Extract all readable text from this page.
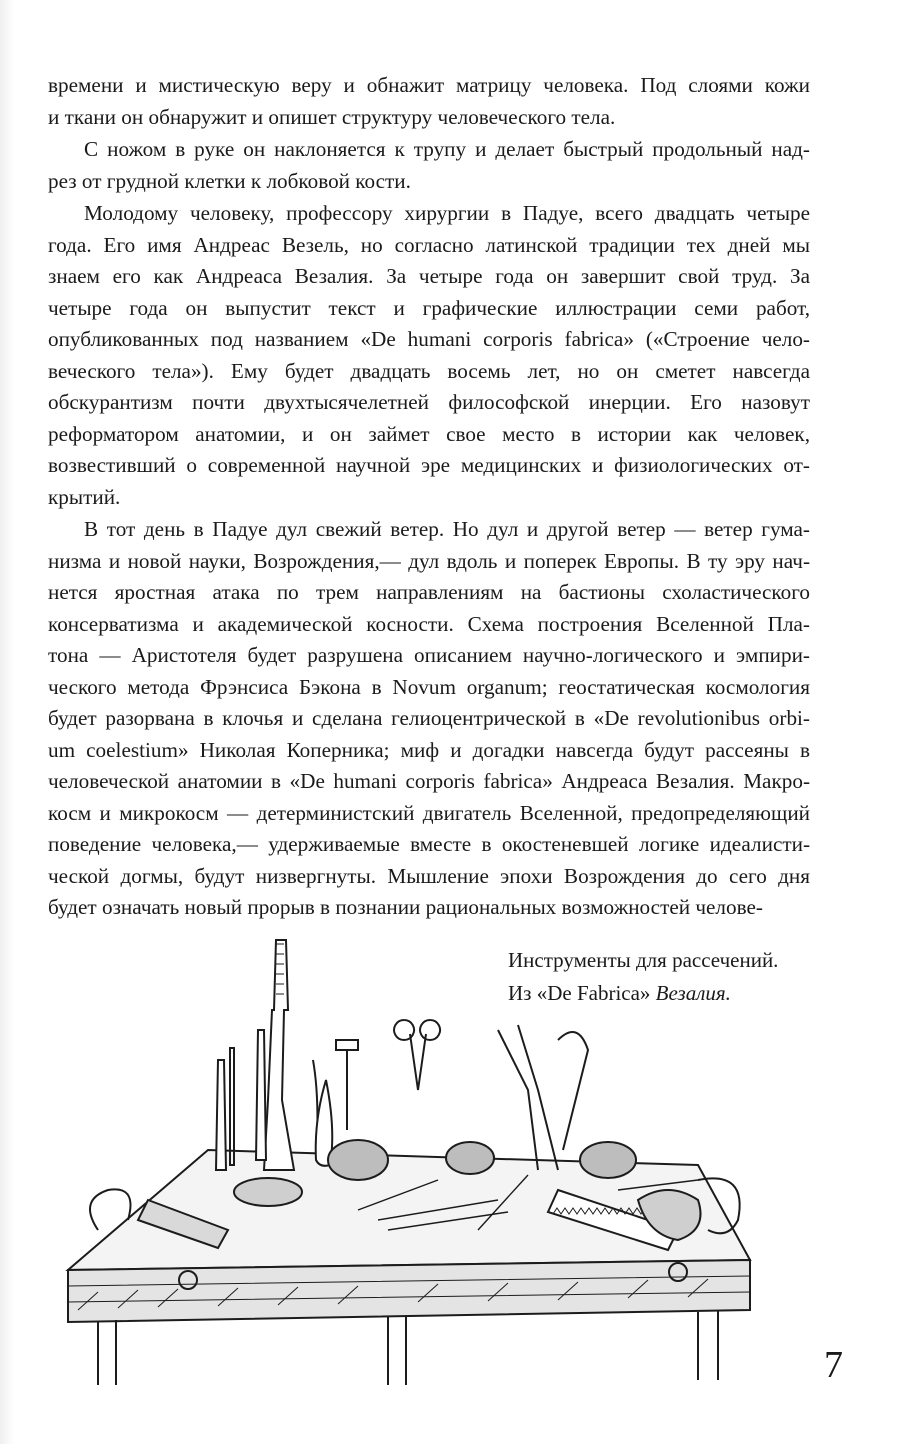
времени и мистическую веру и обнажит матрицу человека. Под слоями кожи
и ткани он обнаружит и опишет структуру человеческого тела.

С ножом в руке он наклоняется к трупу и делает быстрый продольный над-
рез от грудной клетки к лобковой кости.

Молодому человеку, профессору хирургии в Падуе, всего двадцать четыре
года. Его имя Андреас Везель, но согласно латинской традиции тех дней мы
знаем его как Андреаса Везалия. За четыре года он завершит свой труд. За
четыре года он выпустит текст и графические иллюстрации семи работ,
опубликованных под названием «De humani corporis fabrica» («Строение чело-
веческого тела»). Ему будет двадцать восемь лет, но он сметет навсегда
обскурантизм почти двухтысячелетней философской инерции. Его назовут
реформатором анатомии, и он займет свое место в истории как человек,
возвестивший о современной научной эре медицинских и физиологических от-
крытий.

В тот день в Падуе дул свежий ветер. Но дул и другой ветер — ветер гума-
низма и новой науки, Возрождения,— дул вдоль и поперек Европы. В ту эру нач-
нется яростная атака по трем направлениям на бастионы схоластического
консерватизма и академической косности. Схема построения Вселенной Пла-
тона — Аристотеля будет разрушена описанием научно-логического и эмпири-
ческого метода Фрэнсиса Бэкона в Novum organum; геостатическая космология
будет разорвана в клочья и сделана гелиоцентрической в «De revolutionibus orbi-
um coelestium» Николая Коперника; миф и догадки навсегда будут рассеяны в
человеческой анатомии в «De humani corporis fabrica» Андреаса Везалия. Макро-
косм и микрокосм — детерминистский двигатель Вселенной, предопределяющий
поведение человека,— удерживаемые вместе в окостеневшей логике идеалисти-
ческой догмы, будут низвергнуты. Мышление эпохи Возрождения до сего дня
будет означать новый прорыв в познании рациональных возможностей челове-

Инструменты для рассечений.
Из «De Fabrica» Везалия.
7
